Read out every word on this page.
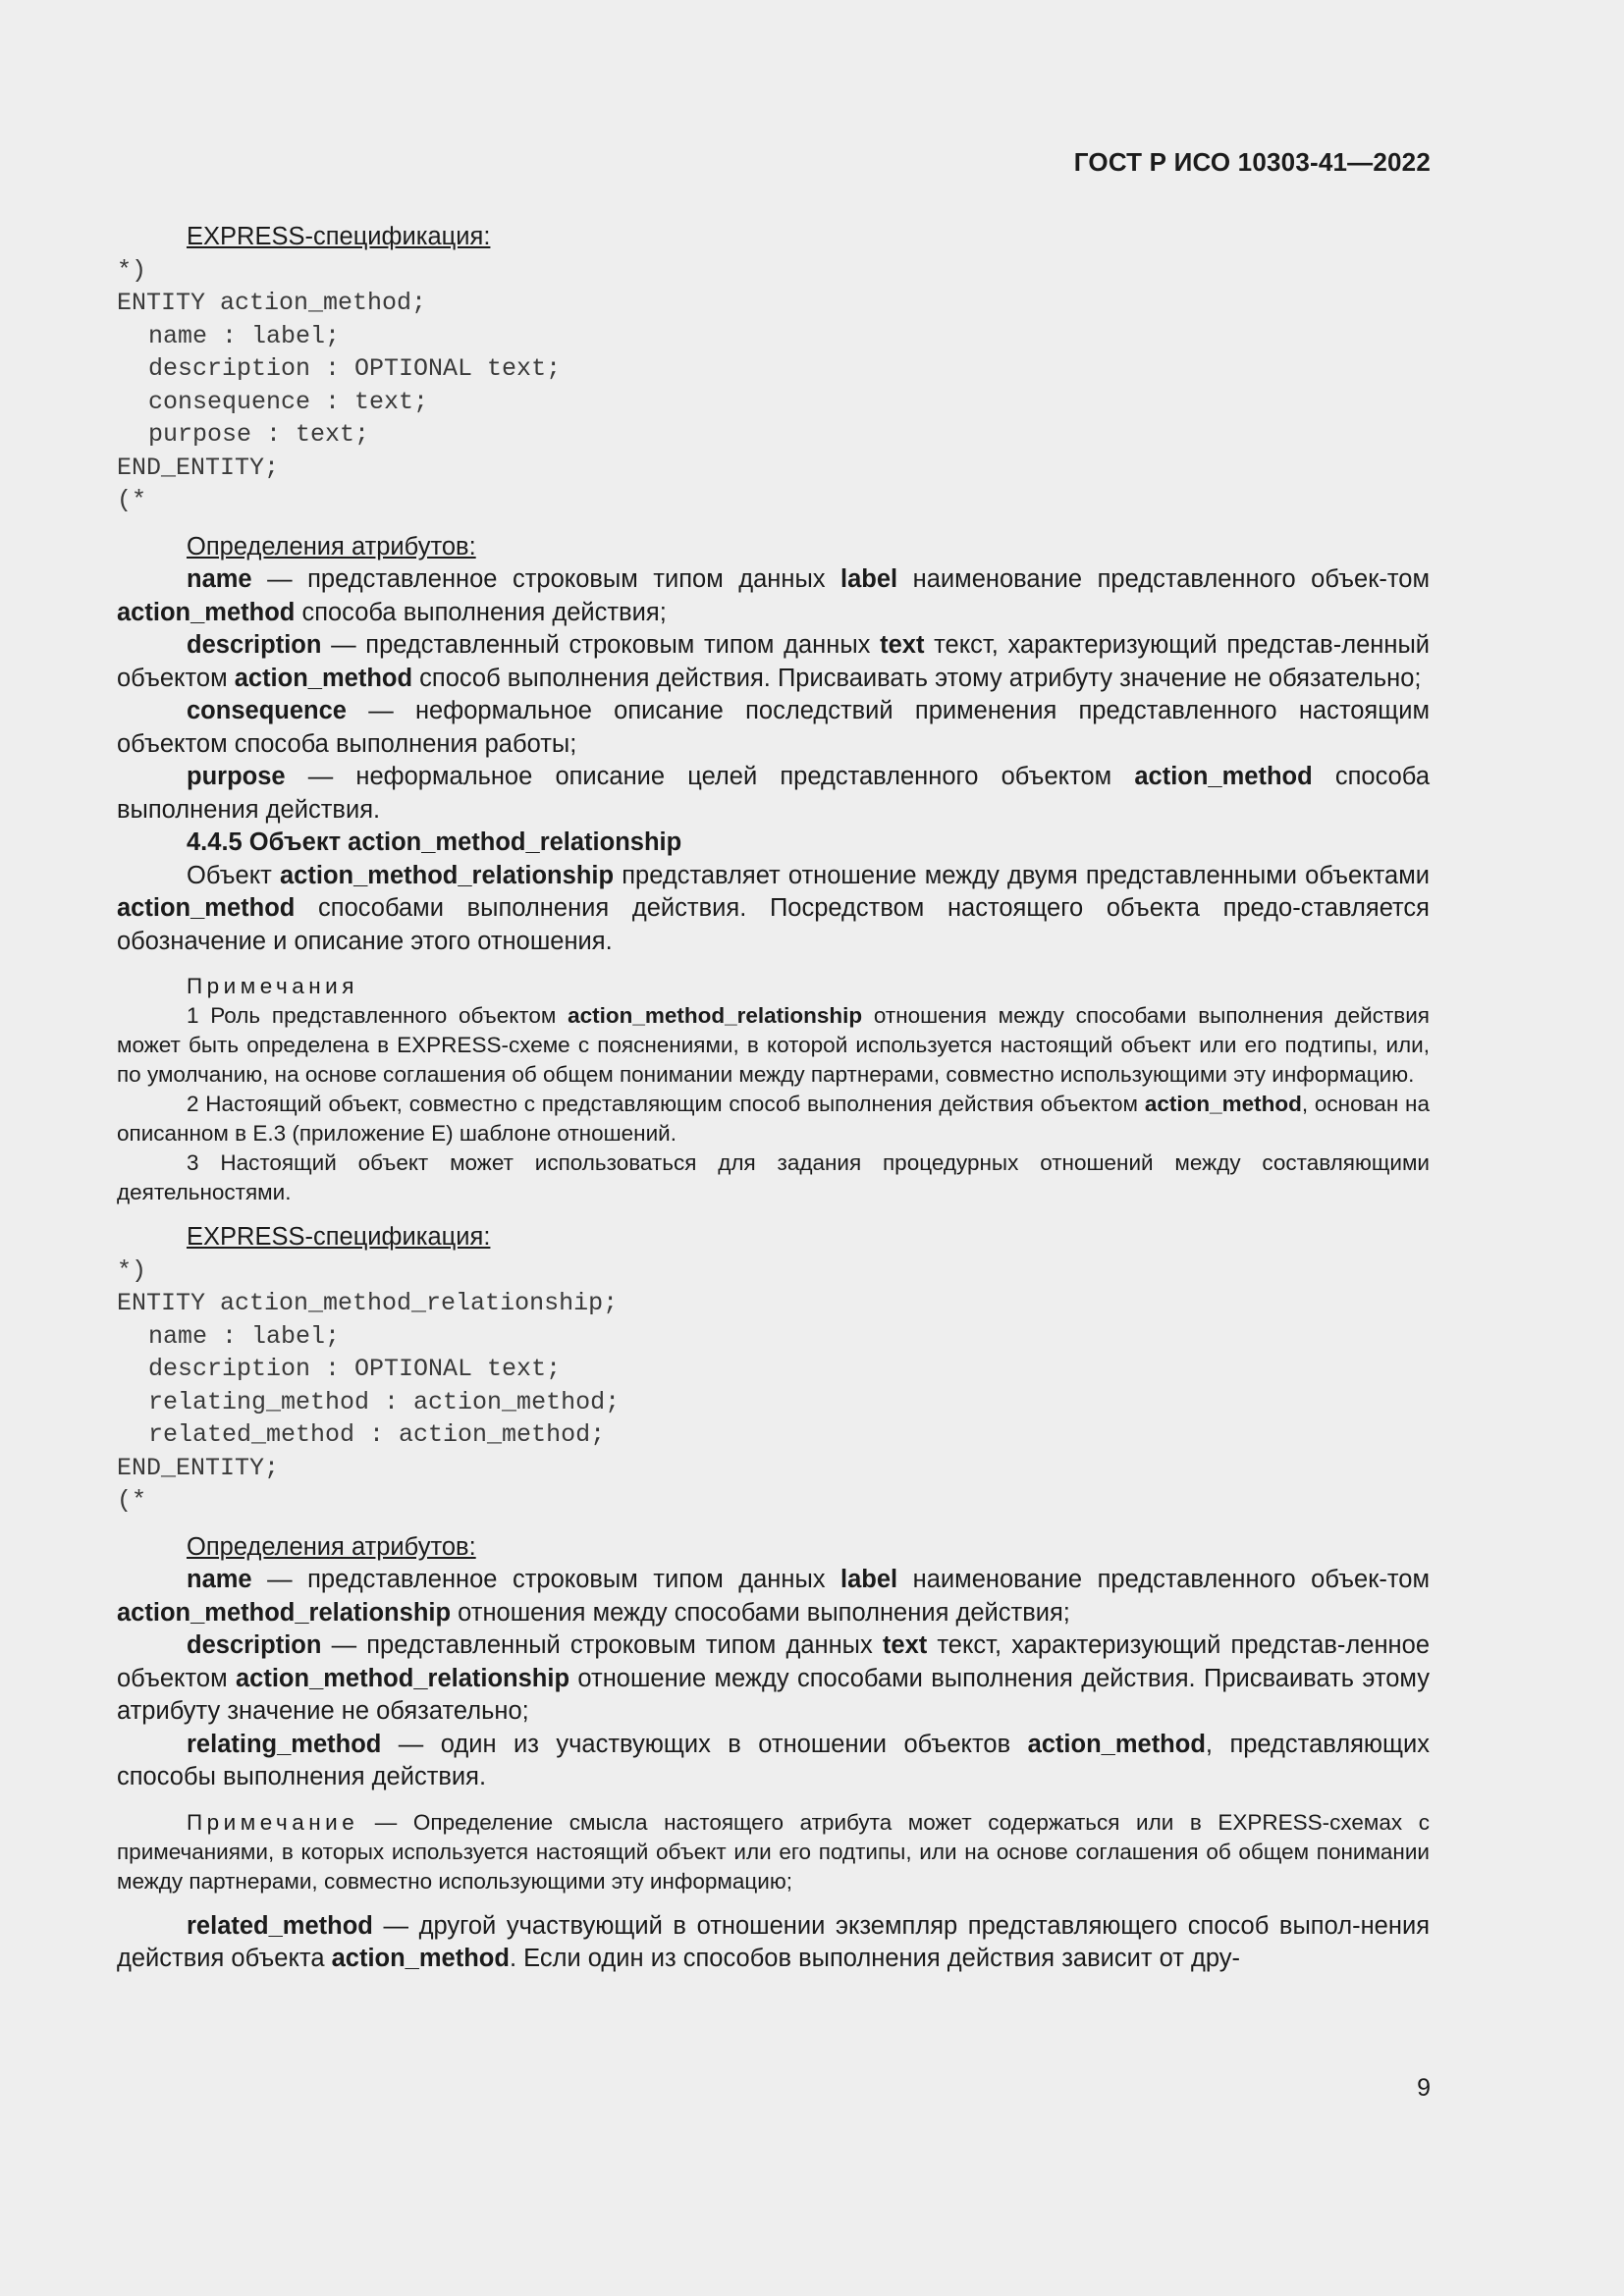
ГОСТ Р ИСО 10303-41—2022

EXPRESS-спецификация:

*)
ENTITY action_method;
name : label;
description : OPTIONAL text;
consequence : text;
purpose : text;
END_ENTITY;
(*

Определения атрибутов:

name — представленное строковым типом данных label наименование представленного объек-том action_method способа выполнения действия;

description — представленный строковым типом данных text текст, характеризующий представ-ленный объектом action_method способ выполнения действия. Присваивать этому атрибуту значение не обязательно;

consequence — неформальное описание последствий применения представленного настоящим объектом способа выполнения работы;

purpose — неформальное описание целей представленного объектом action_method способа выполнения действия.

4.4.5 Объект action_method_relationship

Объект action_method_relationship представляет отношение между двумя представленными объектами action_method способами выполнения действия. Посредством настоящего объекта предо-ставляется обозначение и описание этого отношения.

Примечания

1 Роль представленного объектом action_method_relationship отношения между способами выполнения действия может быть определена в EXPRESS-схеме с пояснениями, в которой используется настоящий объект или его подтипы, или, по умолчанию, на основе соглашения об общем понимании между партнерами, совместно использующими эту информацию.

2 Настоящий объект, совместно с представляющим способ выполнения действия объектом action_method, основан на описанном в Е.3 (приложение Е) шаблоне отношений.

3 Настоящий объект может использоваться для задания процедурных отношений между составляющими деятельностями.

EXPRESS-спецификация:

*)
ENTITY action_method_relationship;
name : label;
description : OPTIONAL text;
relating_method : action_method;
related_method : action_method;
END_ENTITY;
(*

Определения атрибутов:

name — представленное строковым типом данных label наименование представленного объек-том action_method_relationship отношения между способами выполнения действия;

description — представленный строковым типом данных text текст, характеризующий представ-ленное объектом action_method_relationship отношение между способами выполнения действия. Присваивать этому атрибуту значение не обязательно;

relating_method — один из участвующих в отношении объектов action_method, представляющих способы выполнения действия.

Примечание — Определение смысла настоящего атрибута может содержаться или в EXPRESS-схемах с примечаниями, в которых используется настоящий объект или его подтипы, или на основе соглашения об общем понимании между партнерами, совместно использующими эту информацию;

related_method — другой участвующий в отношении экземпляр представляющего способ выпол-нения действия объекта action_method. Если один из способов выполнения действия зависит от дру-

9
